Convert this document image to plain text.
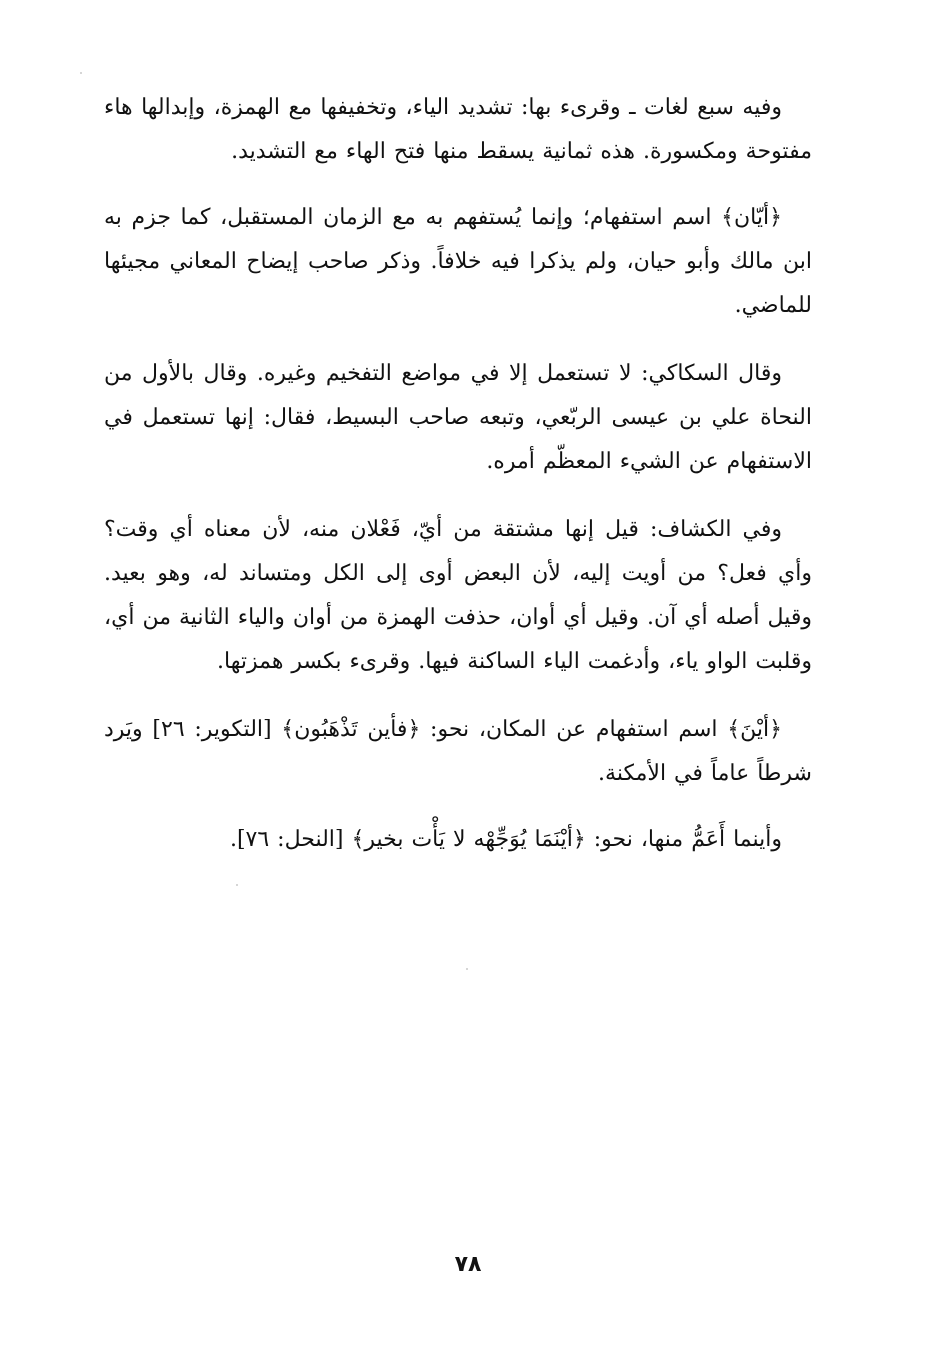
وفيه سبع لغات ـ وقرىء بها: تشديد الياء، وتخفيفها مع الهمزة، وإبدالها هاء مفتوحة ومكسورة. هذه ثمانية يسقط منها فتح الهاء مع التشديد.

﴿أيّان﴾ اسم استفهام؛ وإنما يُستفهم به مع الزمان المستقبل، كما جزم به ابن مالك وأبو حيان، ولم يذكرا فيه خلافاً. وذكر صاحب إيضاح المعاني مجيئها للماضي.

وقال السكاكي: لا تستعمل إلا في مواضع التفخيم وغيره. وقال بالأول من النحاة علي بن عيسى الربّعي، وتبعه صاحب البسيط، فقال: إنها تستعمل في الاستفهام عن الشيء المعظّم أمره.

وفي الكشاف: قيل إنها مشتقة من أيّ، فَعْلان منه، لأن معناه أي وقت؟ وأي فعل؟ من أويت إليه، لأن البعض أوى إلى الكل ومتساند له، وهو بعيد. وقيل أصله أي آن. وقيل أي أوان، حذفت الهمزة من أوان والياء الثانية من أي، وقلبت الواو ياء، وأدغمت الياء الساكنة فيها. وقرىء بكسر همزتها.

﴿أيْنَ﴾ اسم استفهام عن المكان، نحو: ﴿فأين تَذْهَبُون﴾ [التكوير: ٢٦] ويَرد شرطاً عاماً في الأمكنة.

وأينما أَعَمُّ منها، نحو: ﴿أيْنَمَا يُوَجِّهْه لا يَأْت بخير﴾ [النحل: ٧٦].

٧٨
